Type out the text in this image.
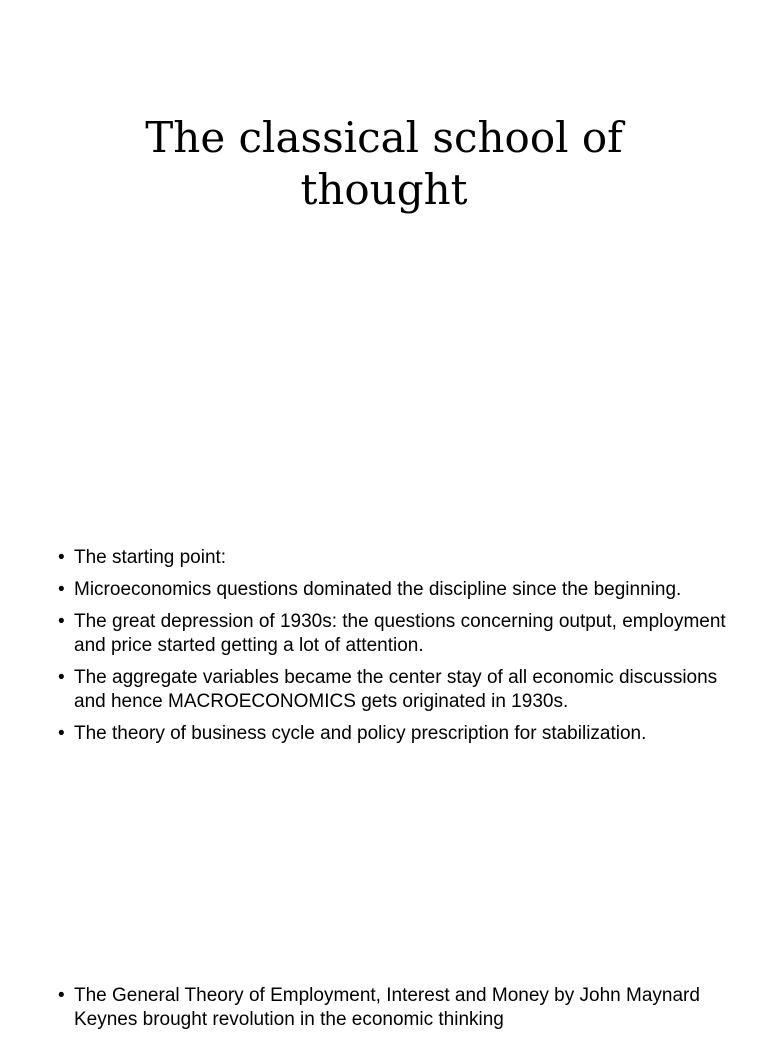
The classical school of
thought
• The starting point:
• Microeconomics questions dominated the discipline since the beginning.
• The great depression of 1930s: the questions concerning output, employment and price started getting a lot of attention.
• The aggregate variables became the center stay of all economic discussions and hence MACROECONOMICS gets originated in 1930s.
• The theory of business cycle and policy prescription for stabilization.
• The General Theory of Employment, Interest and Money by John Maynard Keynes brought revolution in the economic thinking
